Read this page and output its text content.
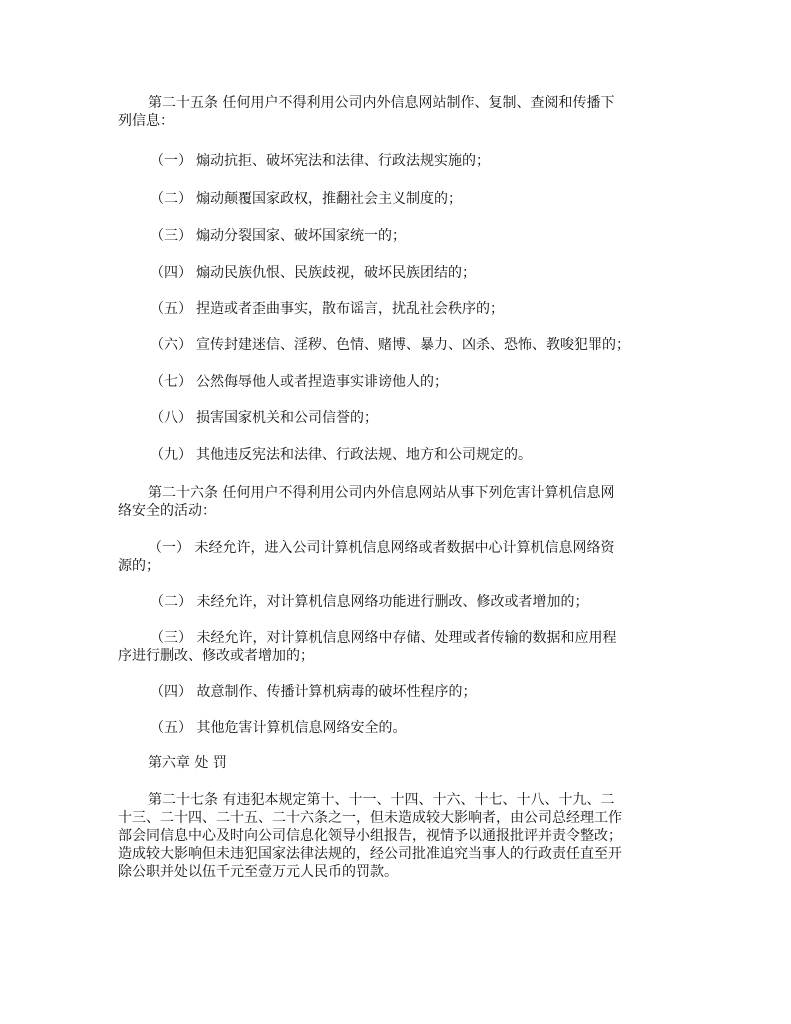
第二十五条 任何用户不得利用公司内外信息网站制作、复制、查阅和传播下
列信息：
（一） 煽动抗拒、破坏宪法和法律、行政法规实施的；
（二） 煽动颠覆国家政权，推翻社会主义制度的；
（三） 煽动分裂国家、破坏国家统一的；
（四） 煽动民族仇恨、民族歧视，破坏民族团结的；
（五） 捏造或者歪曲事实，散布谣言，扰乱社会秩序的；
（六） 宣传封建迷信、淫秽、色情、赌博、暴力、凶杀、恐怖、教唆犯罪的；
（七） 公然侮辱他人或者捏造事实诽谤他人的；
（八） 损害国家机关和公司信誉的；
（九） 其他违反宪法和法律、行政法规、地方和公司规定的。
第二十六条 任何用户不得利用公司内外信息网站从事下列危害计算机信息网
络安全的活动：
（一） 未经允许，进入公司计算机信息网络或者数据中心计算机信息网络资
源的；
（二） 未经允许，对计算机信息网络功能进行删改、修改或者增加的；
（三） 未经允许，对计算机信息网络中存储、处理或者传输的数据和应用程
序进行删改、修改或者增加的；
（四） 故意制作、传播计算机病毒的破坏性程序的；
（五） 其他危害计算机信息网络安全的。
第六章 处 罚
第二十七条 有违犯本规定第十、十一、十四、十六、十七、十八、十九、二
十三、二十四、二十五、二十六条之一，但未造成较大影响者，由公司总经理工作
部会同信息中心及时向公司信息化领导小组报告，视情予以通报批评并责令整改；
造成较大影响但未违犯国家法律法规的，经公司批准追究当事人的行政责任直至开
除公职并处以伍千元至壹万元人民币的罚款。
